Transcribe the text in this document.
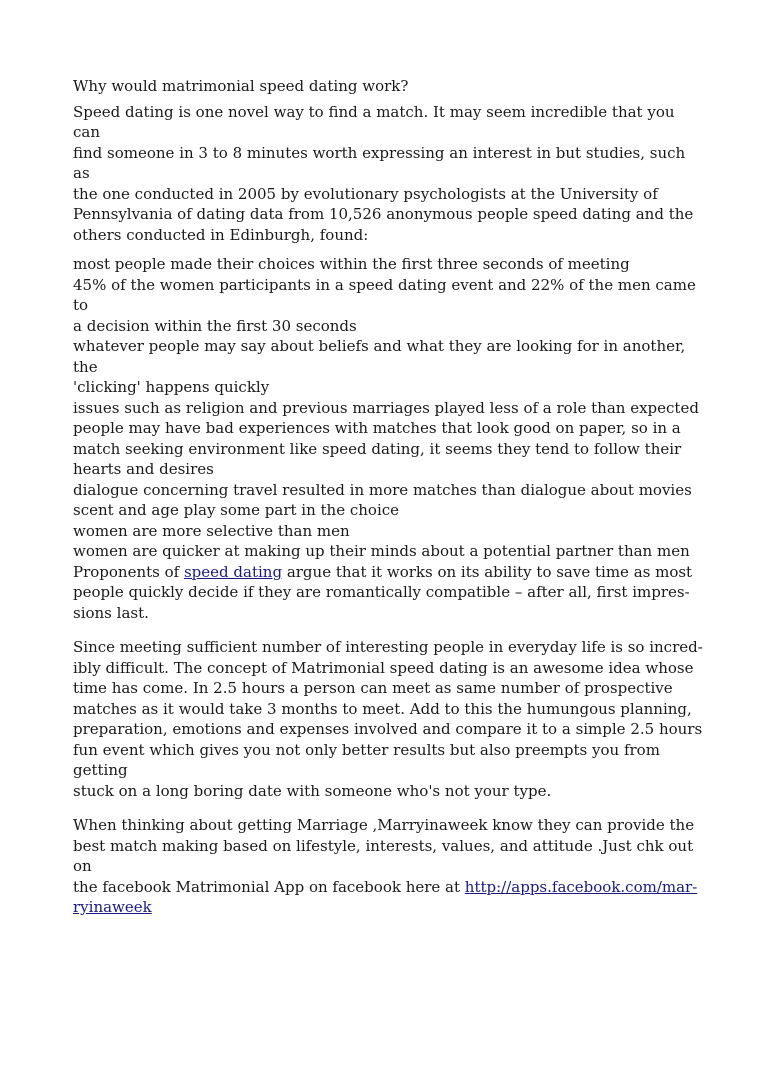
Why would matrimonial speed dating work?

Speed dating is one novel way to find a match. It may seem incredible that you can
find someone in 3 to 8 minutes worth expressing an interest in but studies, such as
the one conducted in 2005 by evolutionary psychologists at the University of
Pennsylvania of dating data from 10,526 anonymous people speed dating and the
others conducted in Edinburgh, found:

most people made their choices within the first three seconds of meeting
45% of the women participants in a speed dating event and 22% of the men came to
a decision within the first 30 seconds
whatever people may say about beliefs and what they are looking for in another, the
'clicking' happens quickly
issues such as religion and previous marriages played less of a role than expected
people may have bad experiences with matches that look good on paper, so in a
match seeking environment like speed dating, it seems they tend to follow their
hearts and desires
dialogue concerning travel resulted in more matches than dialogue about movies
scent and age play some part in the choice
women are more selective than men
women are quicker at making up their minds about a potential partner than men

Proponents of speed dating argue that it works on its ability to save time as most
people quickly decide if they are romantically compatible – after all, first impres-
sions last.

Since meeting sufficient number of interesting people in everyday life is so incred-
ibly difficult. The concept of Matrimonial speed dating is an awesome idea whose
time has come. In 2.5 hours a person can meet as same number of prospective
matches as it would take 3 months to meet. Add to this the humungous planning,
preparation, emotions and expenses involved and compare it to a simple 2.5 hours
fun event which gives you not only better results but also preempts you from getting
stuck on a long boring date with someone who's not your type.

When thinking about getting Marriage ,Marryinaweek know they can provide the
best match making based on lifestyle, interests, values, and attitude .Just chk out on
the facebook Matrimonial App on facebook here at http://apps.facebook.com/mar-
ryinaweek
